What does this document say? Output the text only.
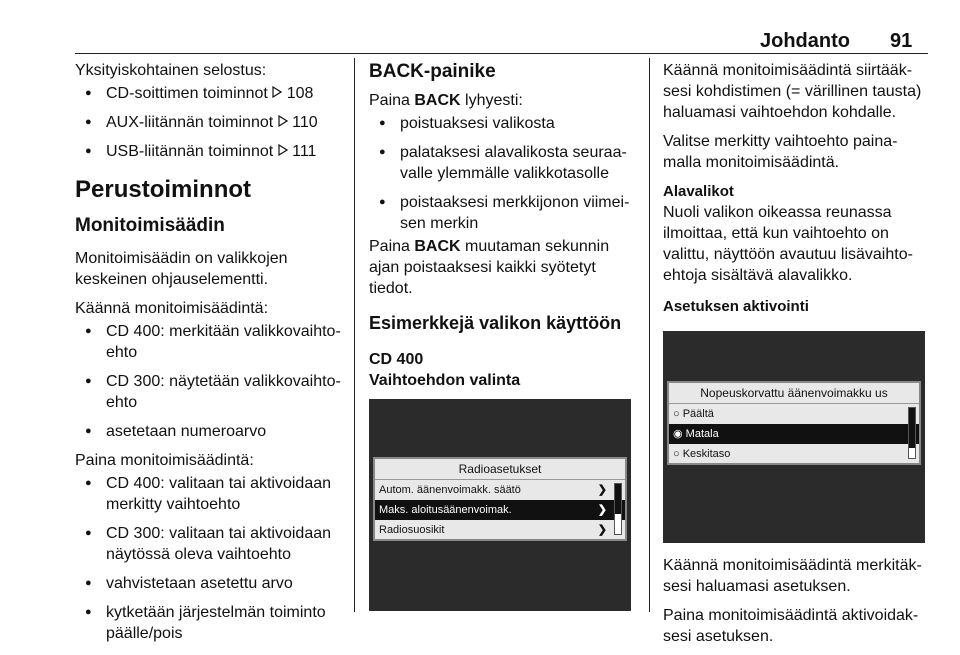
Johdanto 91

Yksityiskohtainen selostus:

● CD-soittimen toiminnot 108
● AUX-liitännän toiminnot 110
● USB-liitännän toiminnot 111
Perustoiminnot
Monitoimisäädin

Monitoimisäädin on valikkojen keskeinen ohjauselementti.

Käännä monitoimisäädintä:

● CD 400: merkitään valikkovaihtoehto
● CD 300: näytetään valikkovaihtoehto
● asetetaan numeroarvo

Paina monitoimisäädintä:

● CD 400: valitaan tai aktivoidaan merkitty vaihtoehto
● CD 300: valitaan tai aktivoidaan näytössä oleva vaihtoehto
● vahvistetaan asetettu arvo
● kytketään järjestelmän toiminto päälle/pois
BACK-painike

Paina BACK lyhyesti:

● poistuaksesi valikosta
● palataksesi alavalikosta seuraavalle ylemmälle valikkotasolle
● poistaaksesi merkkijonon viimeisen merkin

Paina BACK muutaman sekunnin ajan poistaaksesi kaikki syötetyt tiedot.

Esimerkkejä valikon käyttöön
CD 400
Vaihtoehdon valinta
Radioasetukset
Autom. äänenvoimakk. säätö	❯
Maks. aloitusäänenvoimak.	❯
Radiosuosikit	❯

Käännä monitoimisäädintä siirtääksesi kohdistimen (= värillinen tausta) haluamasi vaihtoehdon kohdalle.

Valitse merkitty vaihtoehto painamalla monitoimisäädintä.

Alavalikot

Nuoli valikon oikeassa reunassa ilmoittaa, että kun vaihtoehto on valittu, näyttöön avautuu lisävaihtoehtoja sisältävä alavalikko.

Asetuksen aktivointi
Nopeuskorvattu äänenvoimakku us
○ Päältä
◉ Matala
○ Keskitaso

Käännä monitoimisäädintä merkitäksesi haluamasi asetuksen.

Paina monitoimisäädintä aktivoidaksesi asetuksen.
